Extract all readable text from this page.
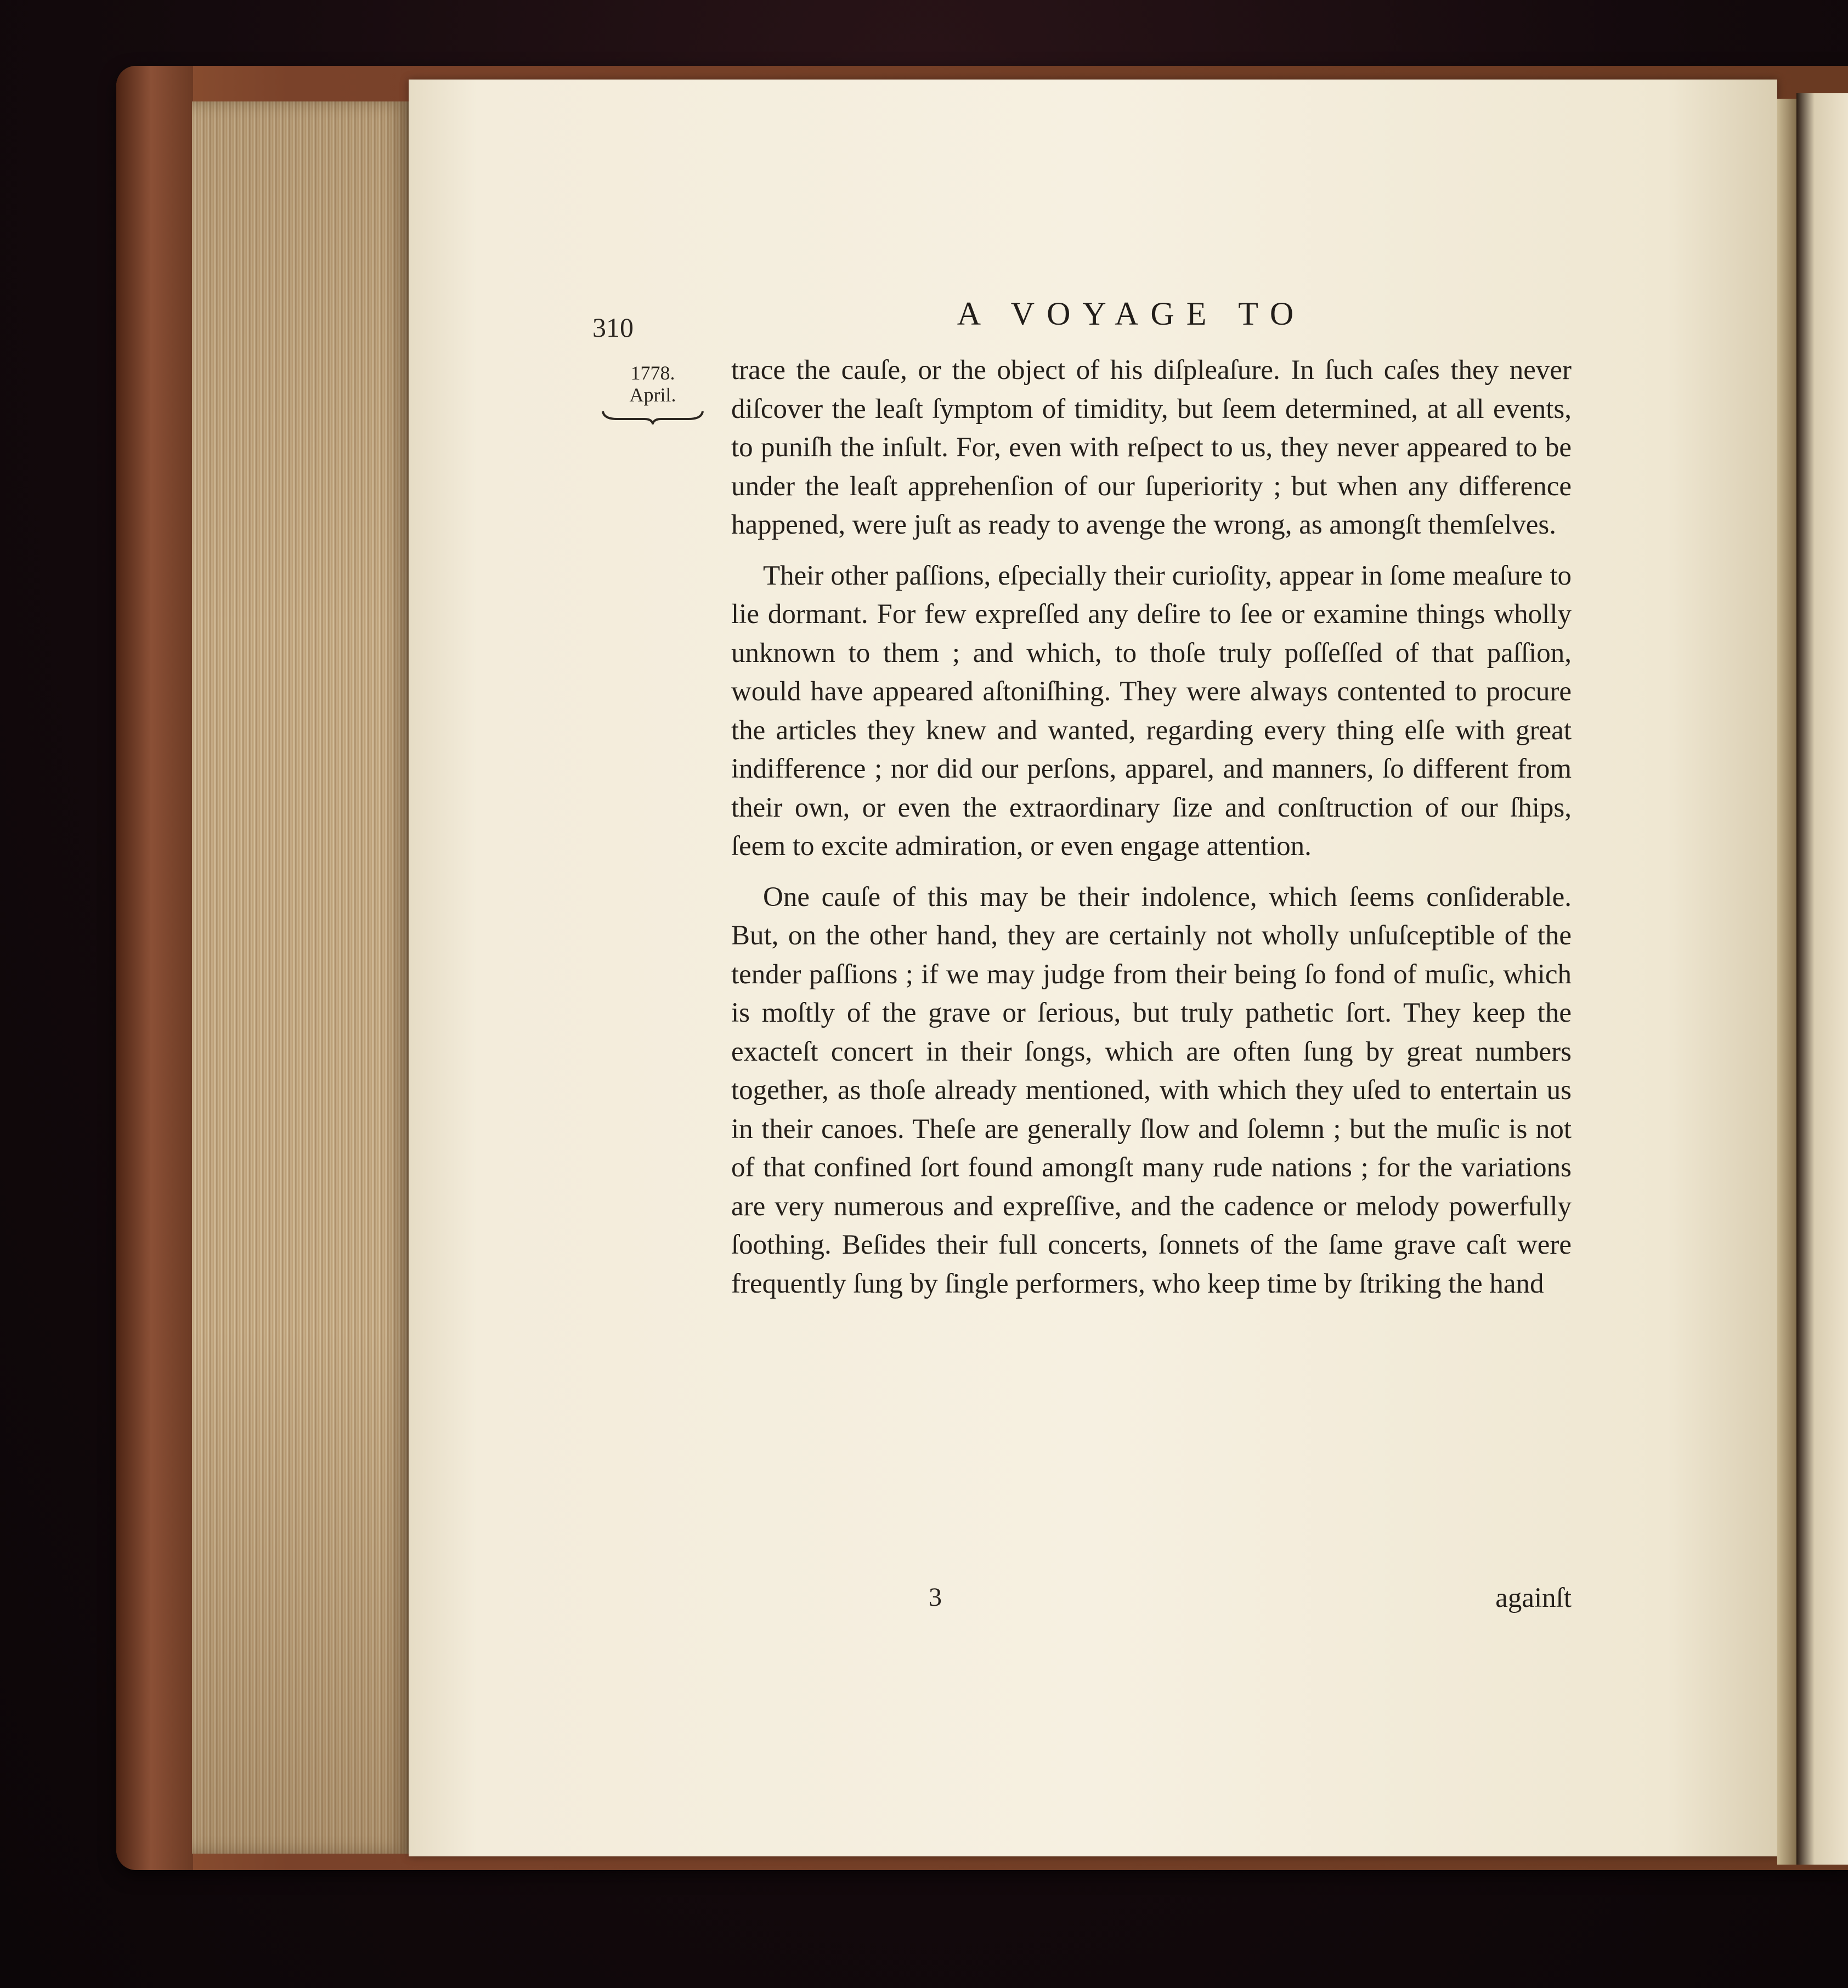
310	A VOYAGE TO
1778.
April.

trace the cauſe, or the object of his diſpleaſure. In ſuch caſes they never diſcover the leaſt ſymptom of timidity, but ſeem determined, at all events, to puniſh the inſult. For, even with reſpect to us, they never appeared to be under the leaſt apprehenſion of our ſuperiority ; but when any difference happened, were juſt as ready to avenge the wrong, as amongſt themſelves.

Their other paſſions, eſpecially their curioſity, appear in ſome meaſure to lie dormant. For few expreſſed any deſire to ſee or examine things wholly unknown to them ; and which, to thoſe truly poſſeſſed of that paſſion, would have appeared aſtoniſhing. They were always contented to procure the articles they knew and wanted, regarding every thing elſe with great indifference ; nor did our perſons, apparel, and manners, ſo different from their own, or even the extraordinary ſize and conſtruction of our ſhips, ſeem to excite admiration, or even engage attention.

One cauſe of this may be their indolence, which ſeems conſiderable. But, on the other hand, they are certainly not wholly unſuſceptible of the tender paſſions ; if we may judge from their being ſo fond of muſic, which is moſtly of the grave or ſerious, but truly pathetic ſort. They keep the exacteſt concert in their ſongs, which are often ſung by great numbers together, as thoſe already mentioned, with which they uſed to entertain us in their canoes. Theſe are generally ſlow and ſolemn ; but the muſic is not of that confined ſort found amongſt many rude nations ; for the variations are very numerous and expreſſive, and the cadence or melody powerfully ſoothing. Beſides their full concerts, ſonnets of the ſame grave caſt were frequently ſung by ſingle performers, who keep time by ſtriking the hand

3	againſt
